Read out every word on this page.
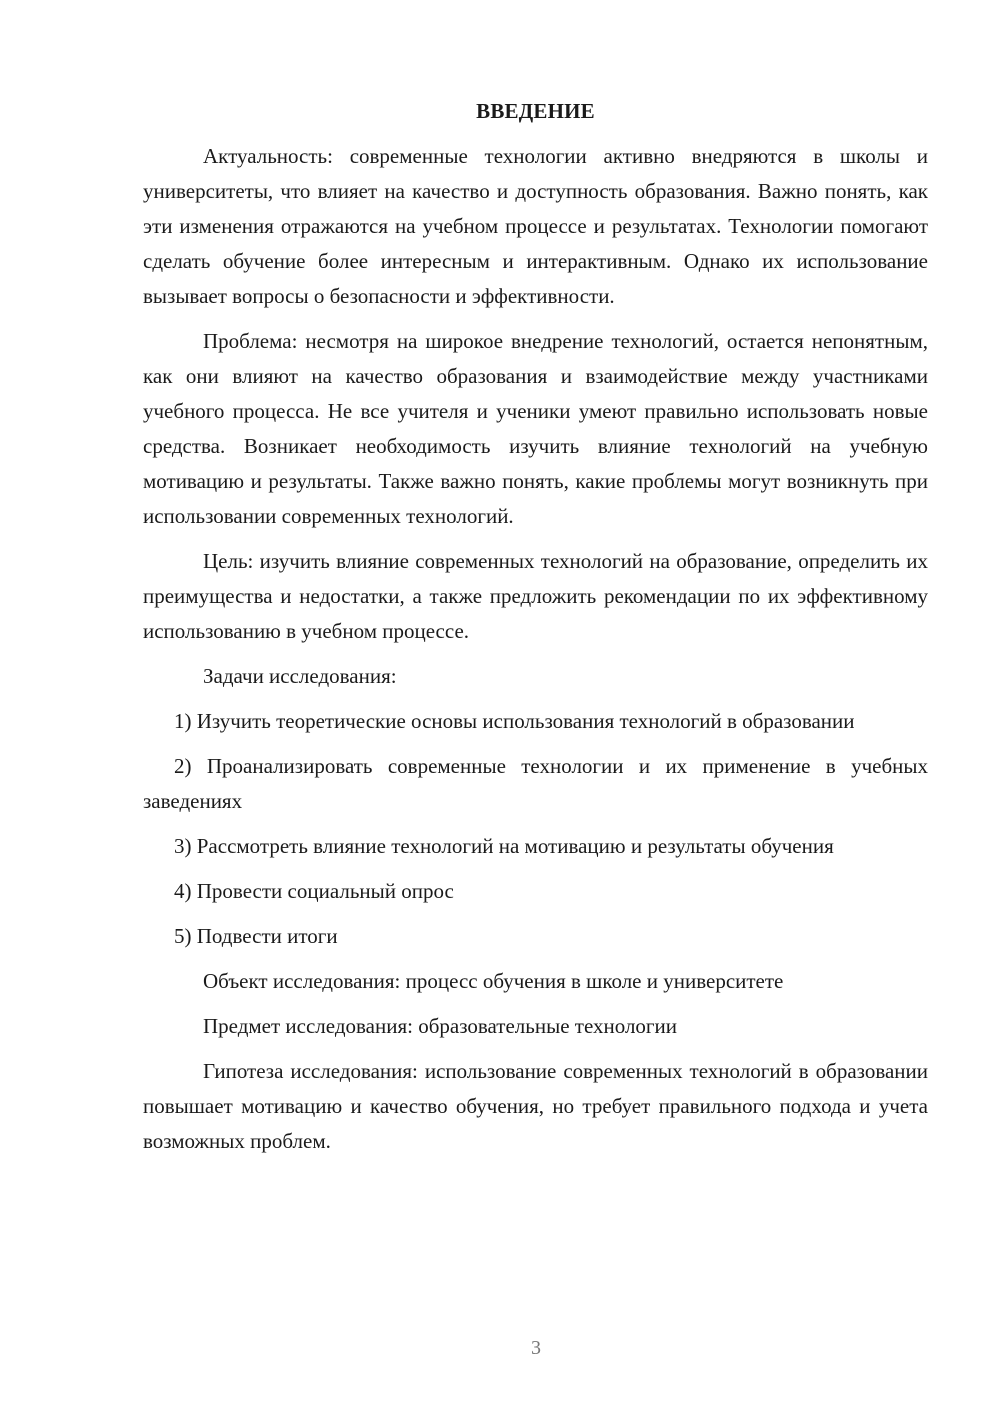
ВВЕДЕНИЕ
Актуальность: современные технологии активно внедряются в школы и университеты, что влияет на качество и доступность образования. Важно понять, как эти изменения отражаются на учебном процессе и результатах. Технологии помогают сделать обучение более интересным и интерактивным. Однако их использование вызывает вопросы о безопасности и эффективности.
Проблема: несмотря на широкое внедрение технологий, остается непонятным, как они влияют на качество образования и взаимодействие между участниками учебного процесса. Не все учителя и ученики умеют правильно использовать новые средства. Возникает необходимость изучить влияние технологий на учебную мотивацию и результаты. Также важно понять, какие проблемы могут возникнуть при использовании современных технологий.
Цель: изучить влияние современных технологий на образование, определить их преимущества и недостатки, а также предложить рекомендации по их эффективному использованию в учебном процессе.
Задачи исследования:
1) Изучить теоретические основы использования технологий в образовании
2) Проанализировать современные технологии и их применение в учебных заведениях
3) Рассмотреть влияние технологий на мотивацию и результаты обучения
4) Провести социальный опрос
5) Подвести итоги
Объект исследования: процесс обучения в школе и университете
Предмет исследования: образовательные технологии
Гипотеза исследования: использование современных технологий в образовании повышает мотивацию и качество обучения, но требует правильного подхода и учета возможных проблем.
3
